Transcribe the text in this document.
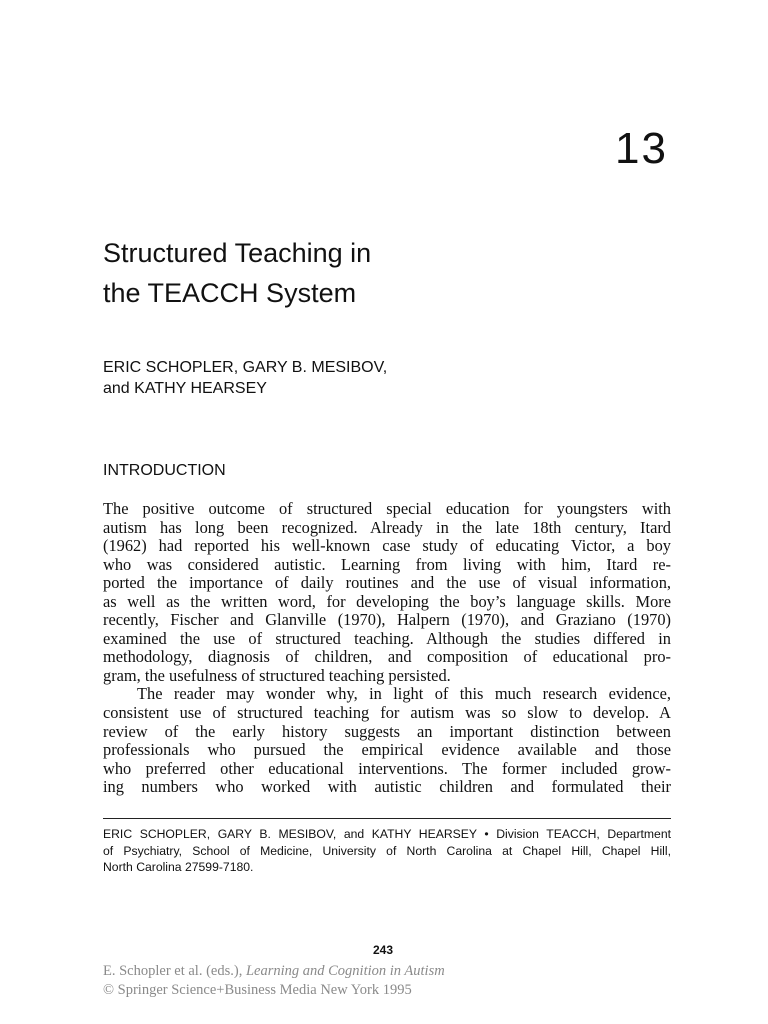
13
Structured Teaching in
the TEACCH System
ERIC SCHOPLER, GARY B. MESIBOV,
and KATHY HEARSEY
INTRODUCTION
The positive outcome of structured special education for youngsters with
autism has long been recognized. Already in the late 18th century, Itard
(1962) had reported his well-known case study of educating Victor, a boy
who was considered autistic. Learning from living with him, Itard re-
ported the importance of daily routines and the use of visual information,
as well as the written word, for developing the boy’s language skills. More
recently, Fischer and Glanville (1970), Halpern (1970), and Graziano (1970)
examined the use of structured teaching. Although the studies differed in
methodology, diagnosis of children, and composition of educational pro-
gram, the usefulness of structured teaching persisted.
The reader may wonder why, in light of this much research evidence,
consistent use of structured teaching for autism was so slow to develop. A
review of the early history suggests an important distinction between
professionals who pursued the empirical evidence available and those
who preferred other educational interventions. The former included grow-
ing numbers who worked with autistic children and formulated their
ERIC SCHOPLER, GARY B. MESIBOV, and KATHY HEARSEY • Division TEACCH, Department
of Psychiatry, School of Medicine, University of North Carolina at Chapel Hill, Chapel Hill,
North Carolina 27599-7180.
243
E. Schopler et al. (eds.), Learning and Cognition in Autism
© Springer Science+Business Media New York 1995
